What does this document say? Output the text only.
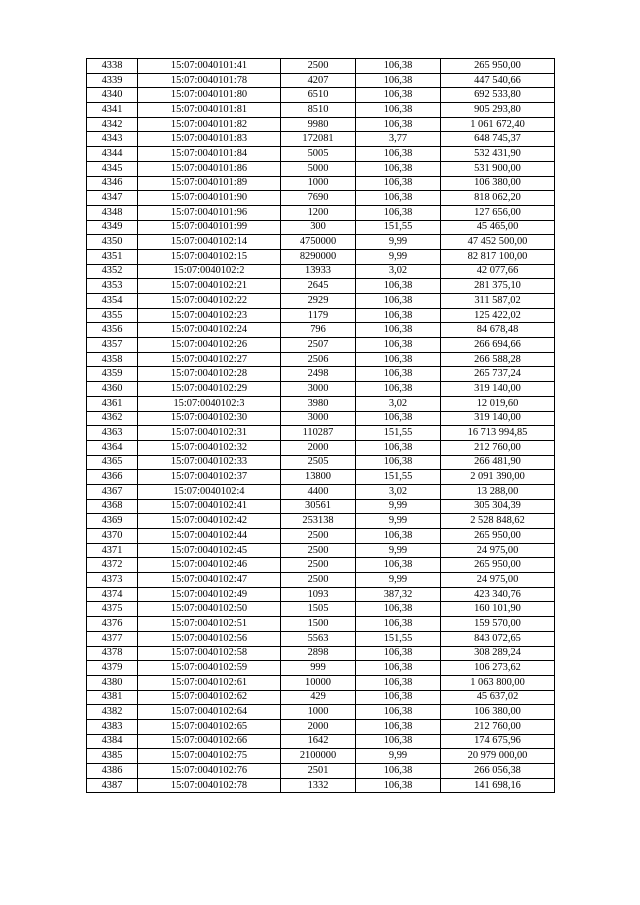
4338	15:07:0040101:41	2500	106,38	265 950,00
4339	15:07:0040101:78	4207	106,38	447 540,66
4340	15:07:0040101:80	6510	106,38	692 533,80
4341	15:07:0040101:81	8510	106,38	905 293,80
4342	15:07:0040101:82	9980	106,38	1 061 672,40
4343	15:07:0040101:83	172081	3,77	648 745,37
4344	15:07:0040101:84	5005	106,38	532 431,90
4345	15:07:0040101:86	5000	106,38	531 900,00
4346	15:07:0040101:89	1000	106,38	106 380,00
4347	15:07:0040101:90	7690	106,38	818 062,20
4348	15:07:0040101:96	1200	106,38	127 656,00
4349	15:07:0040101:99	300	151,55	45 465,00
4350	15:07:0040102:14	4750000	9,99	47 452 500,00
4351	15:07:0040102:15	8290000	9,99	82 817 100,00
4352	15:07:0040102:2	13933	3,02	42 077,66
4353	15:07:0040102:21	2645	106,38	281 375,10
4354	15:07:0040102:22	2929	106,38	311 587,02
4355	15:07:0040102:23	1179	106,38	125 422,02
4356	15:07:0040102:24	796	106,38	84 678,48
4357	15:07:0040102:26	2507	106,38	266 694,66
4358	15:07:0040102:27	2506	106,38	266 588,28
4359	15:07:0040102:28	2498	106,38	265 737,24
4360	15:07:0040102:29	3000	106,38	319 140,00
4361	15:07:0040102:3	3980	3,02	12 019,60
4362	15:07:0040102:30	3000	106,38	319 140,00
4363	15:07:0040102:31	110287	151,55	16 713 994,85
4364	15:07:0040102:32	2000	106,38	212 760,00
4365	15:07:0040102:33	2505	106,38	266 481,90
4366	15:07:0040102:37	13800	151,55	2 091 390,00
4367	15:07:0040102:4	4400	3,02	13 288,00
4368	15:07:0040102:41	30561	9,99	305 304,39
4369	15:07:0040102:42	253138	9,99	2 528 848,62
4370	15:07:0040102:44	2500	106,38	265 950,00
4371	15:07:0040102:45	2500	9,99	24 975,00
4372	15:07:0040102:46	2500	106,38	265 950,00
4373	15:07:0040102:47	2500	9,99	24 975,00
4374	15:07:0040102:49	1093	387,32	423 340,76
4375	15:07:0040102:50	1505	106,38	160 101,90
4376	15:07:0040102:51	1500	106,38	159 570,00
4377	15:07:0040102:56	5563	151,55	843 072,65
4378	15:07:0040102:58	2898	106,38	308 289,24
4379	15:07:0040102:59	999	106,38	106 273,62
4380	15:07:0040102:61	10000	106,38	1 063 800,00
4381	15:07:0040102:62	429	106,38	45 637,02
4382	15:07:0040102:64	1000	106,38	106 380,00
4383	15:07:0040102:65	2000	106,38	212 760,00
4384	15:07:0040102:66	1642	106,38	174 675,96
4385	15:07:0040102:75	2100000	9,99	20 979 000,00
4386	15:07:0040102:76	2501	106,38	266 056,38
4387	15:07:0040102:78	1332	106,38	141 698,16
